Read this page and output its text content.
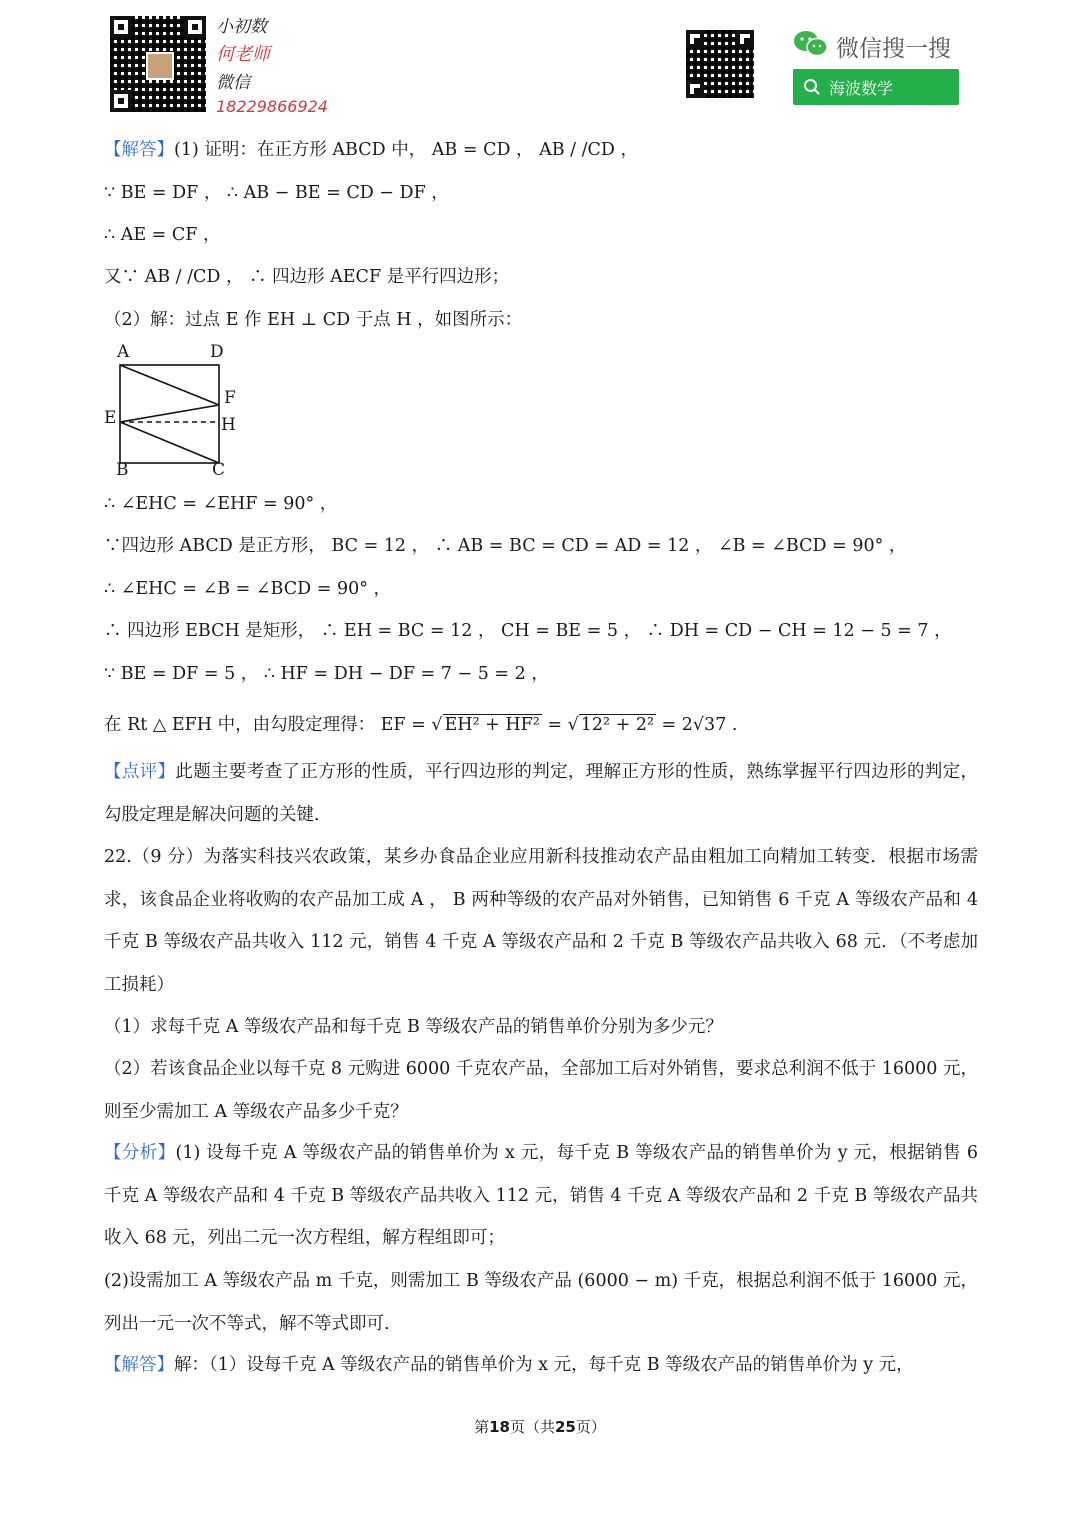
小初数
何老师
微信
18229866924
微信搜一搜
海波数学
【解答】(1) 证明：在正方形 ABCD 中， AB = CD ， AB / /CD ，
∵ BE = DF ， ∴ AB − BE = CD − DF ，
∴ AE = CF ，
又∵ AB / /CD ， ∴ 四边形 AECF 是平行四边形；
（2）解：过点 E 作 EH ⊥ CD 于点 H ，如图所示：
A	D
F
E	H
B	C
∴ ∠EHC = ∠EHF = 90° ，
∵四边形 ABCD 是正方形， BC = 12 ， ∴ AB = BC = CD = AD = 12 ， ∠B = ∠BCD = 90° ，
∴ ∠EHC = ∠B = ∠BCD = 90° ，
∴ 四边形 EBCH 是矩形， ∴ EH = BC = 12 ， CH = BE = 5 ， ∴ DH = CD − CH = 12 − 5 = 7 ，
∵ BE = DF = 5 ， ∴ HF = DH − DF = 7 − 5 = 2 ，
在 Rt △ EFH 中，由勾股定理得： EF = √ EH² + HF² = √ 12² + 2² = 2√37 .
【点评】此题主要考查了正方形的性质，平行四边形的判定，理解正方形的性质，熟练掌握平行四边形的判定，勾股定理是解决问题的关键.
22.（9 分）为落实科技兴农政策，某乡办食品企业应用新科技推动农产品由粗加工向精加工转变．根据市场需求，该食品企业将收购的农产品加工成 A ， B 两种等级的农产品对外销售，已知销售 6 千克 A 等级农产品和 4 千克 B 等级农产品共收入 112 元，销售 4 千克 A 等级农产品和 2 千克 B 等级农产品共收入 68 元．（不考虑加工损耗）
（1）求每千克 A 等级农产品和每千克 B 等级农产品的销售单价分别为多少元？
（2）若该食品企业以每千克 8 元购进 6000 千克农产品，全部加工后对外销售，要求总利润不低于 16000 元，则至少需加工 A 等级农产品多少千克？
【分析】(1) 设每千克 A 等级农产品的销售单价为 x 元，每千克 B 等级农产品的销售单价为 y 元，根据销售 6 千克 A 等级农产品和 4 千克 B 等级农产品共收入 112 元，销售 4 千克 A 等级农产品和 2 千克 B 等级农产品共收入 68 元，列出二元一次方程组，解方程组即可；
(2)设需加工 A 等级农产品 m 千克，则需加工 B 等级农产品 (6000 − m) 千克，根据总利润不低于 16000 元，列出一元一次不等式，解不等式即可.
【解答】解：（1）设每千克 A 等级农产品的销售单价为 x 元，每千克 B 等级农产品的销售单价为 y 元，
第18页（共25页）
